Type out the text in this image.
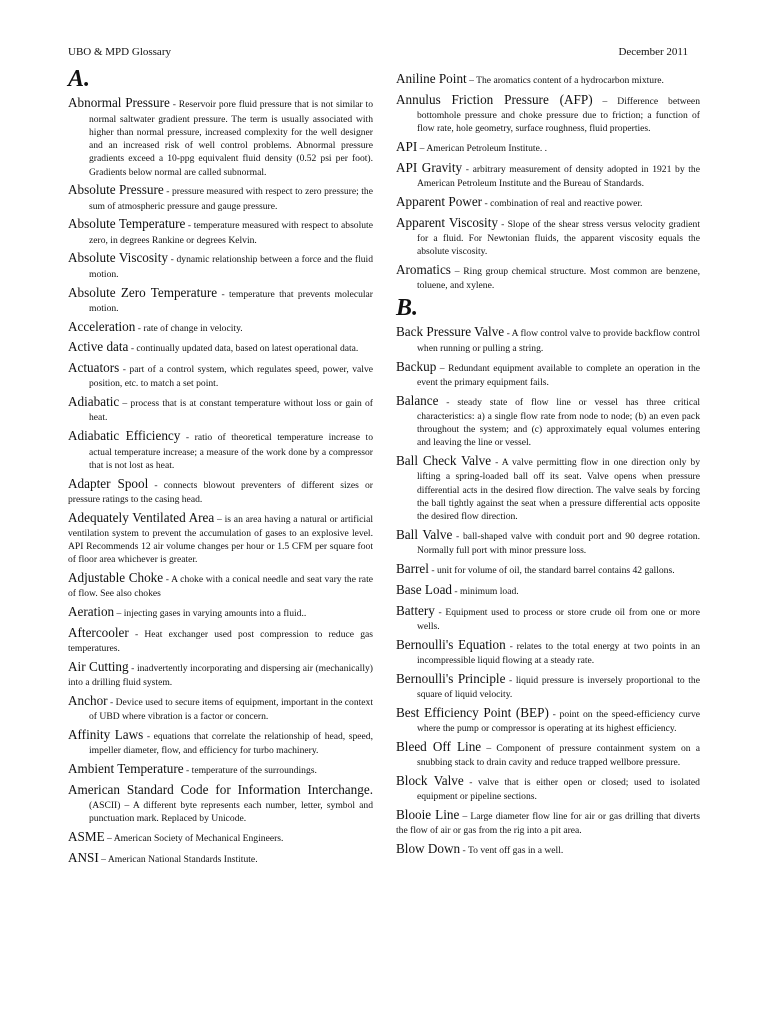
UBO & MPD Glossary	December 2011
A.
Abnormal Pressure - Reservoir pore fluid pressure that is not similar to normal saltwater gradient pressure. The term is usually associated with higher than normal pressure, increased complexity for the well designer and an increased risk of well control problems. Abnormal pressure gradients exceed a 10-ppg equivalent fluid density (0.52 psi per foot). Gradients below normal are called subnormal.
Absolute Pressure - pressure measured with respect to zero pressure; the sum of atmospheric pressure and gauge pressure.
Absolute Temperature - temperature measured with respect to absolute zero, in degrees Rankine or degrees Kelvin.
Absolute Viscosity - dynamic relationship between a force and the fluid motion.
Absolute Zero Temperature - temperature that prevents molecular motion.
Acceleration - rate of change in velocity.
Active data - continually updated data, based on latest operational data.
Actuators - part of a control system, which regulates speed, power, valve position, etc. to match a set point.
Adiabatic – process that is at constant temperature without loss or gain of heat.
Adiabatic Efficiency - ratio of theoretical temperature increase to actual temperature increase; a measure of the work done by a compressor that is not lost as heat.
Adapter Spool - connects blowout preventers of different sizes or pressure ratings to the casing head.
Adequately Ventilated Area – is an area having a natural or artificial ventilation system to prevent the accumulation of gases to an explosive level. API Recommends 12 air volume changes per hour or 1.5 CFM per square foot of floor area whichever is greater.
Adjustable Choke - A choke with a conical needle and seat vary the rate of flow. See also chokes
Aeration – injecting gases in varying amounts into a fluid..
Aftercooler - Heat exchanger used post compression to reduce gas temperatures.
Air Cutting - inadvertently incorporating and dispersing air (mechanically) into a drilling fluid system.
Anchor - Device used to secure items of equipment, important in the context of UBD where vibration is a factor or concern.
Affinity Laws - equations that correlate the relationship of head, speed, impeller diameter, flow, and efficiency for turbo machinery.
Ambient Temperature - temperature of the surroundings.
American Standard Code for Information Interchange. (ASCII) – A different byte represents each number, letter, symbol and punctuation mark. Replaced by Unicode.
ASME – American Society of Mechanical Engineers.
ANSI – American National Standards Institute.
Aniline Point – The aromatics content of a hydrocarbon mixture.
Annulus Friction Pressure (AFP) – Difference between bottomhole pressure and choke pressure due to friction; a function of flow rate, hole geometry, surface roughness, fluid properties.
API – American Petroleum Institute. .
API Gravity - arbitrary measurement of density adopted in 1921 by the American Petroleum Institute and the Bureau of Standards.
Apparent Power - combination of real and reactive power.
Apparent Viscosity - Slope of the shear stress versus velocity gradient for a fluid. For Newtonian fluids, the apparent viscosity equals the absolute viscosity.
Aromatics – Ring group chemical structure. Most common are benzene, toluene, and xylene.
B.
Back Pressure Valve - A flow control valve to provide backflow control when running or pulling a string.
Backup – Redundant equipment available to complete an operation in the event the primary equipment fails.
Balance - steady state of flow line or vessel has three critical characteristics: a) a single flow rate from node to node; (b) an even pack throughout the system; and (c) approximately equal volumes entering and leaving the line or vessel.
Ball Check Valve - A valve permitting flow in one direction only by lifting a spring-loaded ball off its seat. Valve opens when pressure differential acts in the desired flow direction. The valve seals by forcing the ball tightly against the seat when a pressure differential acts opposite the desired flow direction.
Ball Valve - ball-shaped valve with conduit port and 90 degree rotation. Normally full port with minor pressure loss.
Barrel - unit for volume of oil, the standard barrel contains 42 gallons.
Base Load - minimum load.
Battery - Equipment used to process or store crude oil from one or more wells.
Bernoulli's Equation - relates to the total energy at two points in an incompressible liquid flowing at a steady rate.
Bernoulli's Principle - liquid pressure is inversely proportional to the square of liquid velocity.
Best Efficiency Point (BEP) - point on the speed-efficiency curve where the pump or compressor is operating at its highest efficiency.
Bleed Off Line – Component of pressure containment system on a snubbing stack to drain cavity and reduce trapped wellbore pressure.
Block Valve - valve that is either open or closed; used to isolated equipment or pipeline sections.
Blooie Line – Large diameter flow line for air or gas drilling that diverts the flow of air or gas from the rig into a pit area.
Blow Down - To vent off gas in a well.
